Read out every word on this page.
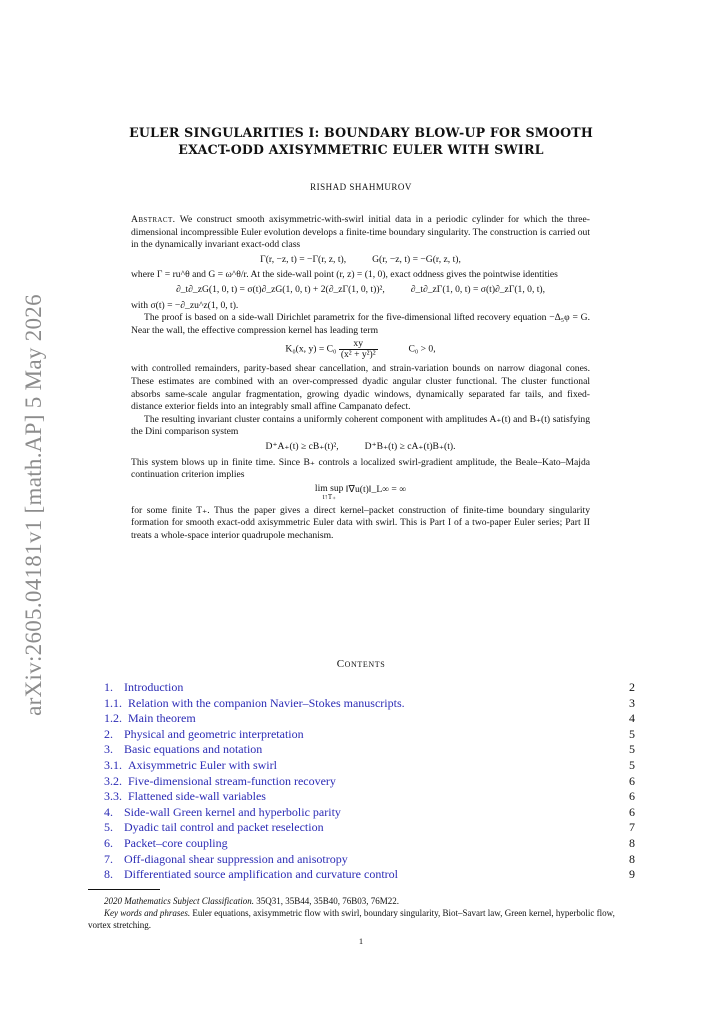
arXiv:2605.04181v1 [math.AP] 5 May 2026
EULER SINGULARITIES I: BOUNDARY BLOW-UP FOR SMOOTH
EXACT-ODD AXISYMMETRIC EULER WITH SWIRL
RISHAD SHAHMUROV

Abstract. We construct smooth axisymmetric-with-swirl initial data in a periodic cylinder for which the three-dimensional incompressible Euler evolution develops a finite-time boundary singularity. The construction is carried out in the dynamically invariant exact-odd class

Γ(r, −z, t) = −Γ(r, z, t),	G(r, −z, t) = −G(r, z, t),

where Γ = ru^θ and G = ω^θ/r. At the side-wall point (r, z) = (1, 0), exact oddness gives the pointwise identities

∂_t∂_zG(1, 0, t) = σ(t)∂_zG(1, 0, t) + 2(∂_zΓ(1, 0, t))²,	∂_t∂_zΓ(1, 0, t) = σ(t)∂_zΓ(1, 0, t),

with σ(t) = −∂_zu^z(1, 0, t).

The proof is based on a side-wall Dirichlet parametrix for the five-dimensional lifted recovery equation −Δ₅φ = G. Near the wall, the effective compression kernel has leading term

K₀(x, $y) = C_0 \frac{xy}{\text{(x² + y²)²}}$	C₀ > 0,

with controlled remainders, parity-based shear cancellation, and strain-variation bounds on narrow diagonal cones. These estimates are combined with an over-compressed dyadic angular cluster functional. The cluster functional absorbs same-scale angular fragmentation, growing dyadic windows, dynamically separated far tails, and fixed-distance exterior fields into an integrably small affine Campanato defect.

The resulting invariant cluster contains a uniformly coherent component with amplitudes A₊(t) and B₊(t) satisfying the Dini comparison system

D⁺A₊(t) ≥ cB₊(t)²,	D⁺B₊(t) ≥ cA₊(t)B₊(t).

This system blows up in finite time. Since B₊ controls a localized swirl-gradient amplitude, the Beale–Kato–Majda continuation criterion implies

lim sup
t↑T₊
‖∇u(t)‖_L∞ = ∞

for some finite T₊. Thus the paper gives a direct kernel–packet construction of finite-time boundary singularity formation for smooth exact-odd axisymmetric Euler data with swirl. This is Part I of a two-paper Euler series; Part II treats a whole-space interior quadrupole mechanism.

Contents
1. Introduction	2
1.1. Relation with the companion Navier–Stokes manuscripts.	3
1.2. Main theorem	4
2. Physical and geometric interpretation	5
3. Basic equations and notation	5
3.1. Axisymmetric Euler with swirl	5
3.2. Five-dimensional stream-function recovery	6
3.3. Flattened side-wall variables	6
4. Side-wall Green kernel and hyperbolic parity	6
5. Dyadic tail control and packet reselection	7
6. Packet–core coupling	8
7. Off-diagonal shear suppression and anisotropy	8
8. Differentiated source amplification and curvature control	9

2020 Mathematics Subject Classification. 35Q31, 35B44, 35B40, 76B03, 76M22.

Key words and phrases. Euler equations, axisymmetric flow with swirl, boundary singularity, Biot–Savart law, Green kernel, hyperbolic flow, vortex stretching.

1
